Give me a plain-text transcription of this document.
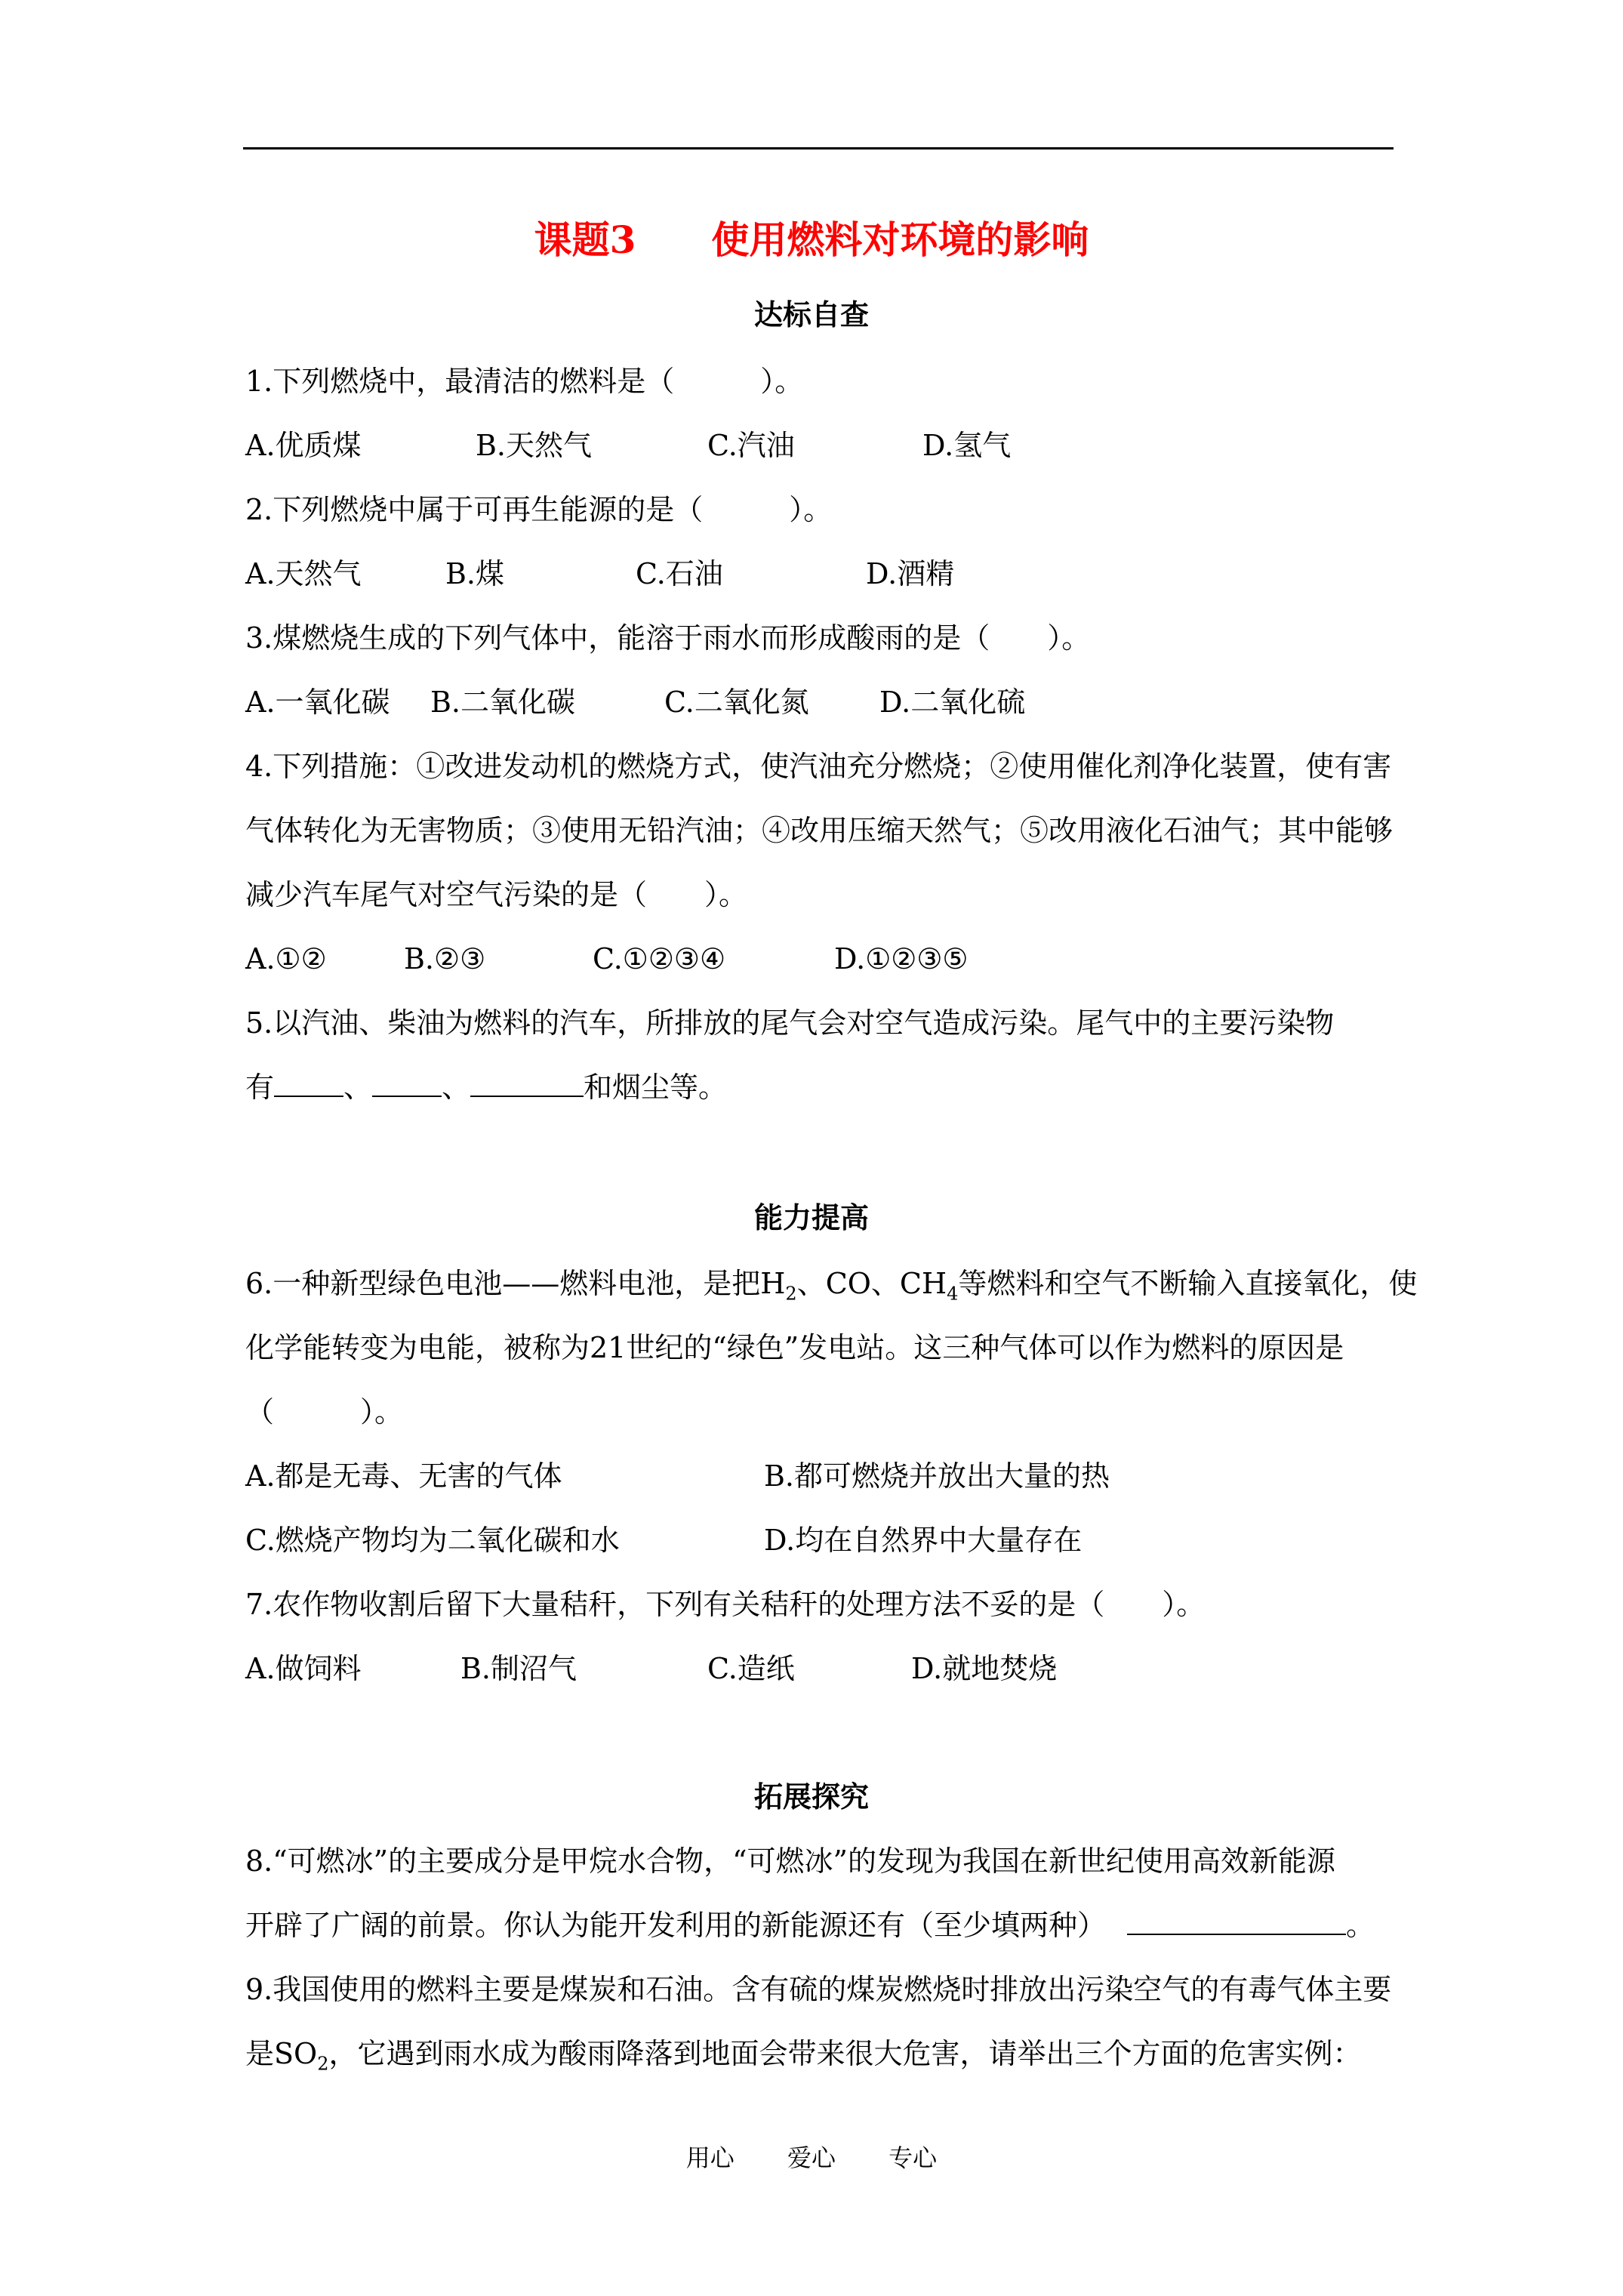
课题3 使用燃料对环境的影响
达标自查
1.下列燃烧中，最清洁的燃料是（　　　）。
A.优质煤	B.天然气	C.汽油	D.氢气
2.下列燃烧中属于可再生能源的是（　　　）。
A.天然气	B.煤	C.石油	D.酒精
3.煤燃烧生成的下列气体中，能溶于雨水而形成酸雨的是（　　）。
A.一氧化碳 B.二氧化碳	C.二氧化氮 D.二氧化硫
4.下列措施：①改进发动机的燃烧方式，使汽油充分燃烧；②使用催化剂净化装置，使有害
气体转化为无害物质；③使用无铅汽油；④改用压缩天然气；⑤改用液化石油气；其中能够
减少汽车尾气对空气污染的是（　　）。
A.①②	B.②③	C.①②③④	D.①②③⑤
5.以汽油、柴油为燃料的汽车，所排放的尾气会对空气造成污染。尾气中的主要污染物
有 、 、	和烟尘等。
能力提高
6.一种新型绿色电池——燃料电池，是把$H_2$、CO、$CH_4$等燃料和空气不断输入直接氧化，使
化学能转变为电能，被称为21世纪的“绿色”发电站。这三种气体可以作为燃料的原因是
（　　　）。
A.都是无毒、无害的气体	B.都可燃烧并放出大量的热
C.燃烧产物均为二氧化碳和水	D.均在自然界中大量存在
7.农作物收割后留下大量秸秆，下列有关秸秆的处理方法不妥的是（　　）。
A.做饲料	B.制沼气	C.造纸	D.就地焚烧
拓展探究
8.“可燃冰”的主要成分是甲烷水合物，“可燃冰”的发现为我国在新世纪使用高效新能源
开辟了广阔的前景。你认为能开发利用的新能源还有（至少填两种）	。
9.我国使用的燃料主要是煤炭和石油。含有硫的煤炭燃烧时排放出污染空气的有毒气体主要
是$SO_2$，它遇到雨水成为酸雨降落到地面会带来很大危害，请举出三个方面的危害实例：
用心 爱心 专心
